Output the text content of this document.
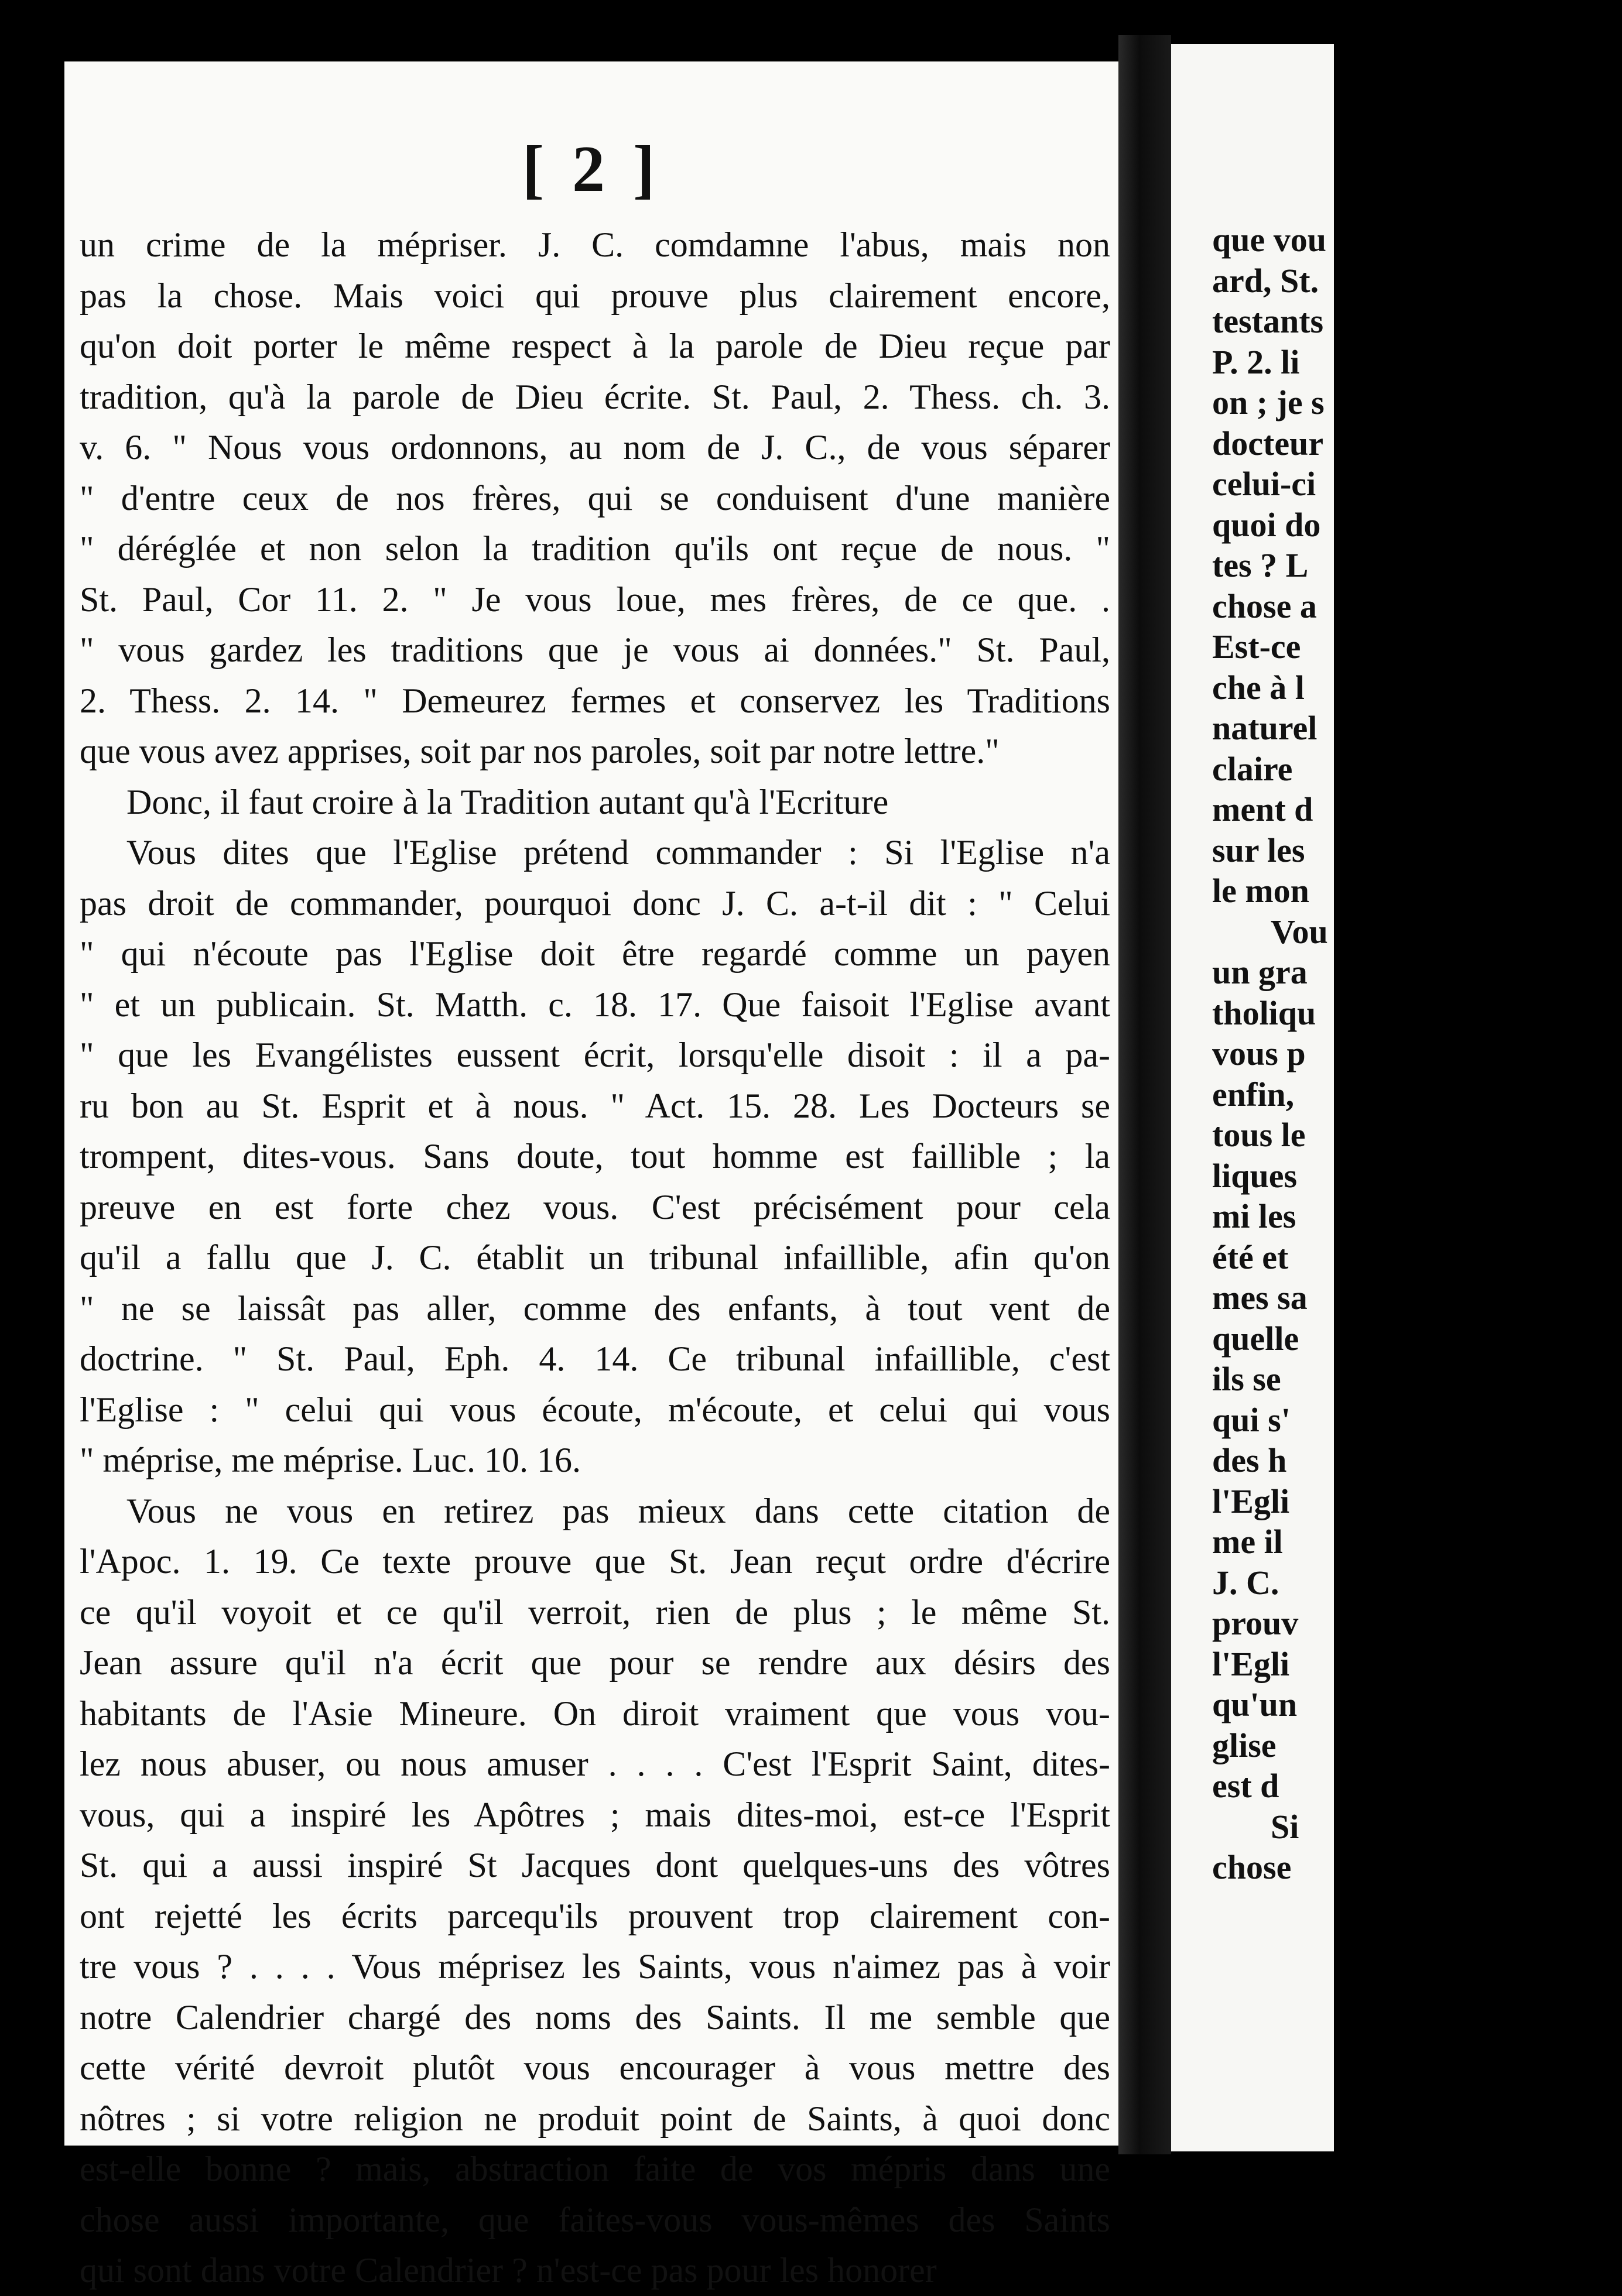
[ 2 ]
un crime de la mépriser. J. C. comdamne l'abus, mais non
pas la chose. Mais voici qui prouve plus clairement encore,
qu'on doit porter le même respect à la parole de Dieu reçue par
tradition, qu'à la parole de Dieu écrite. St. Paul, 2. Thess. ch. 3.
v. 6. " Nous vous ordonnons, au nom de J. C., de vous séparer
" d'entre ceux de nos frères, qui se conduisent d'une manière
" déréglée et non selon la tradition qu'ils ont reçue de nous. "
St. Paul, Cor 11. 2. " Je vous loue, mes frères, de ce que. .
" vous gardez les traditions que je vous ai données." St. Paul,
2. Thess. 2. 14. " Demeurez fermes et conservez les Traditions
que vous avez apprises, soit par nos paroles, soit par notre lettre."
Donc, il faut croire à la Tradition autant qu'à l'Ecriture
Vous dites que l'Eglise prétend commander : Si l'Eglise n'a
pas droit de commander, pourquoi donc J. C. a-t-il dit : " Celui
" qui n'écoute pas l'Eglise doit être regardé comme un payen
" et un publicain. St. Matth. c. 18. 17. Que faisoit l'Eglise avant
" que les Evangélistes eussent écrit, lorsqu'elle disoit : il a pa-
ru bon au St. Esprit et à nous. " Act. 15. 28. Les Docteurs se
trompent, dites-vous. Sans doute, tout homme est faillible ; la
preuve en est forte chez vous. C'est précisément pour cela
qu'il a fallu que J. C. établit un tribunal infaillible, afin qu'on
" ne se laissât pas aller, comme des enfants, à tout vent de
doctrine. " St. Paul, Eph. 4. 14. Ce tribunal infaillible, c'est
l'Eglise : " celui qui vous écoute, m'écoute, et celui qui vous
" méprise, me méprise. Luc. 10. 16.
Vous ne vous en retirez pas mieux dans cette citation de
l'Apoc. 1. 19. Ce texte prouve que St. Jean reçut ordre d'écrire
ce qu'il voyoit et ce qu'il verroit, rien de plus ; le même St.
Jean assure qu'il n'a écrit que pour se rendre aux désirs des
habitants de l'Asie Mineure. On diroit vraiment que vous vou-
lez nous abuser, ou nous amuser . . . . C'est l'Esprit Saint, dites-
vous, qui a inspiré les Apôtres ; mais dites-moi, est-ce l'Esprit
St. qui a aussi inspiré St Jacques dont quelques-uns des vôtres
ont rejetté les écrits parcequ'ils prouvent trop clairement con-
tre vous ? . . . . Vous méprisez les Saints, vous n'aimez pas à voir
notre Calendrier chargé des noms des Saints. Il me semble que
cette vérité devroit plutôt vous encourager à vous mettre des
nôtres ; si votre religion ne produit point de Saints, à quoi donc
est-elle bonne ? mais, abstraction faite de vos mépris dans une
chose aussi importante, que faites-vous vous-mêmes des Saints
qui sont dans votre Calendrier ? n'est-ce pas pour les honorer
que vou
ard, St.
testants
P. 2. li
on ; je s
docteur
celui-ci
quoi do
tes ? L
chose a
Est-ce
che à l
naturel
claire
ment d
sur les
le mon
Vou
un gra
tholiqu
vous p
enfin,
tous le
liques
mi les
été et
mes sa
quelle
ils se
qui s'
des h
l'Egli
me il
J. C.
prouv
l'Egli
qu'un
glise
est d
Si
chose
